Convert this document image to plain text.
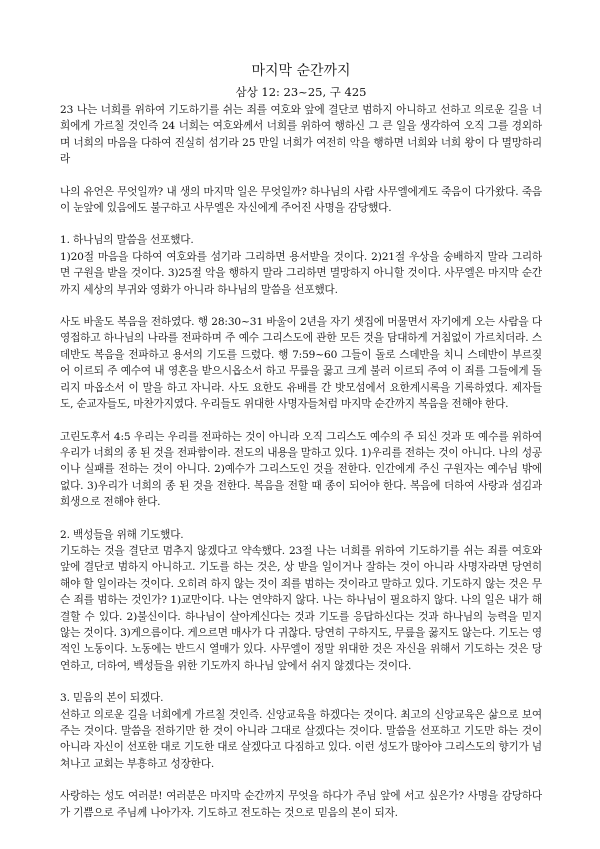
마지막 순간까지
삼상 12: 23~25, 구 425

23 나는 너희를 위하여 기도하기를 쉬는 죄를 여호와 앞에 결단코 범하지 아니하고 선하고 의로운 길을 너희에게 가르칠 것인즉 24 너희는 여호와께서 너희를 위하여 행하신 그 큰 일을 생각하여 오직 그를 경외하며 너희의 마음을 다하여 진실히 섬기라 25 만일 너희가 여전히 악을 행하면 너희와 너희 왕이 다 멸망하리라

나의 유언은 무엇일까? 내 생의 마지막 일은 무엇일까? 하나님의 사람 사무엘에게도 죽음이 다가왔다. 죽음이 눈앞에 있음에도 불구하고 사무엘은 자신에게 주어진 사명을 감당했다.

1. 하나님의 말씀을 선포했다.
1)20절 마음을 다하여 여호와를 섬기라 그리하면 용서받을 것이다. 2)21절 우상을 숭배하지 말라 그리하면 구원을 받을 것이다. 3)25절 악을 행하지 말라 그리하면 멸망하지 아니할 것이다. 사무엘은 마지막 순간까지 세상의 부귀와 영화가 아니라 하나님의 말씀을 선포했다.

사도 바울도 복음을 전하였다. 행 28:30~31 바울이 2년을 자기 셋집에 머물면서 자기에게 오는 사람을 다 영접하고 하나님의 나라를 전파하며 주 예수 그리스도에 관한 모든 것을 담대하게 거침없이 가르치더라. 스데반도 복음을 전파하고 용서의 기도를 드렸다. 행 7:59~60 그들이 돌로 스데반을 치니 스데반이 부르짖어 이르되 주 예수여 내 영혼을 받으시옵소서 하고 무릎을 꿇고 크게 불러 이르되 주여 이 죄를 그들에게 돌리지 마옵소서 이 말을 하고 자니라. 사도 요한도 유배를 간 밧모섬에서 요한계시록을 기록하였다. 제자들도, 순교자들도, 마찬가지였다. 우리들도 위대한 사명자들처럼 마지막 순간까지 복음을 전해야 한다.

고린도후서 4:5 우리는 우리를 전파하는 것이 아니라 오직 그리스도 예수의 주 되신 것과 또 예수를 위하여 우리가 너희의 종 된 것을 전파함이라. 전도의 내용을 말하고 있다. 1)우리를 전하는 것이 아니다. 나의 성공이나 실패를 전하는 것이 아니다. 2)예수가 그리스도인 것을 전한다. 인간에게 주신 구원자는 예수님 밖에 없다. 3)우리가 너희의 종 된 것을 전한다. 복음을 전할 때 종이 되어야 한다. 복음에 더하여 사랑과 섬김과 희생으로 전해야 한다.

2. 백성들을 위해 기도했다.
기도하는 것을 결단코 멈추지 않겠다고 약속했다. 23절 나는 너희를 위하여 기도하기를 쉬는 죄를 여호와 앞에 결단코 범하지 아니하고. 기도를 하는 것은, 상 받을 일이거나 잘하는 것이 아니라 사명자라면 당연히 해야 할 일이라는 것이다. 오히려 하지 않는 것이 죄를 범하는 것이라고 말하고 있다. 기도하지 않는 것은 무슨 죄를 범하는 것인가? 1)교만이다. 나는 연약하지 않다. 나는 하나님이 필요하지 않다. 나의 일은 내가 해결할 수 있다. 2)불신이다. 하나님이 살아계신다는 것과 기도를 응답하신다는 것과 하나님의 능력을 믿지 않는 것이다. 3)게으름이다. 게으르면 매사가 다 귀찮다. 당연히 구하지도, 무릎을 꿇지도 않는다. 기도는 영적인 노동이다. 노동에는 반드시 열매가 있다. 사무엘이 정말 위대한 것은 자신을 위해서 기도하는 것은 당연하고, 더하여, 백성들을 위한 기도까지 하나님 앞에서 쉬지 않겠다는 것이다.

3. 믿음의 본이 되겠다.
선하고 의로운 길을 너희에게 가르칠 것인즉. 신앙교육을 하겠다는 것이다. 최고의 신앙교육은 삶으로 보여주는 것이다. 말씀을 전하기만 한 것이 아니라 그대로 살겠다는 것이다. 말씀을 선포하고 기도만 하는 것이 아니라 자신이 선포한 대로 기도한 대로 살겠다고 다짐하고 있다. 이런 성도가 많아야 그리스도의 향기가 넘쳐나고 교회는 부흥하고 성장한다.

사랑하는 성도 여러분! 여러분은 마지막 순간까지 무엇을 하다가 주님 앞에 서고 싶은가? 사명을 감당하다가 기쁨으로 주님께 나아가자. 기도하고 전도하는 것으로 믿음의 본이 되자.
